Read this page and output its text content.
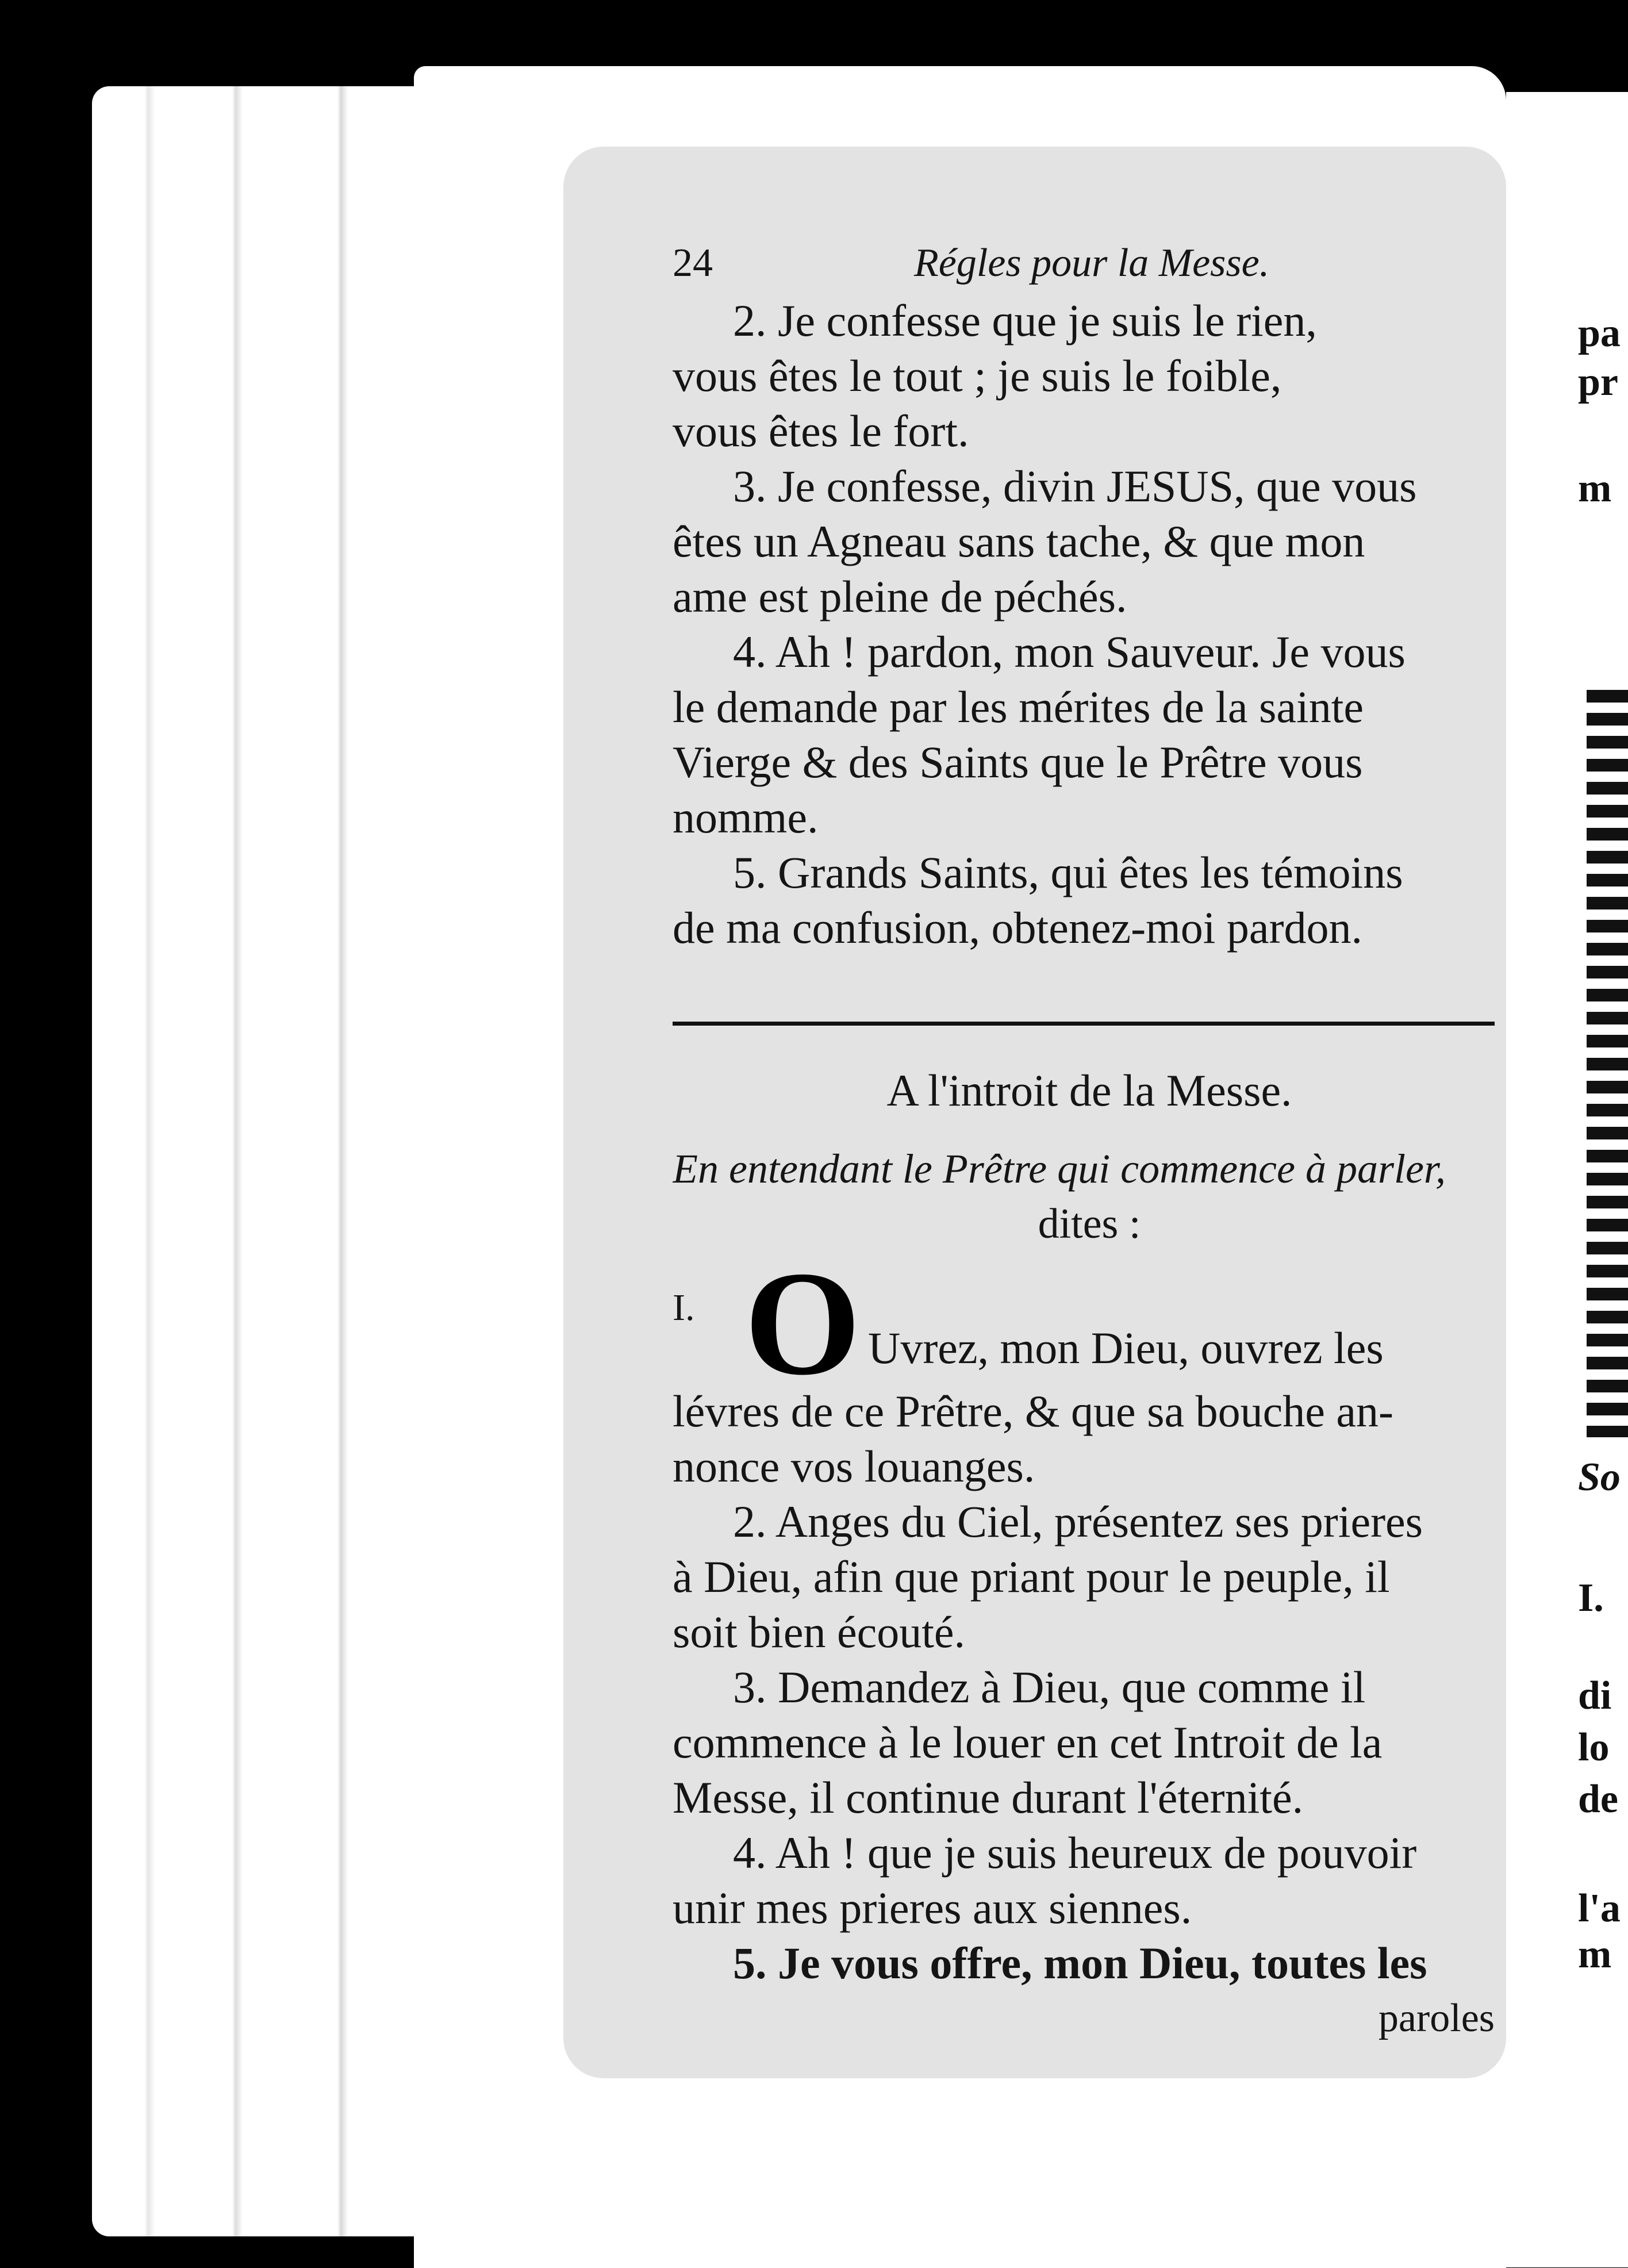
pa
pr
m
So
I.
di
lo
de
l'a
m
24	Régles pour la Messe.
2. Je confesse que je suis le rien,
vous êtes le tout ; je suis le foible,
vous êtes le fort.
3. Je confesse, divin JESUS, que vous
êtes un Agneau sans tache, & que mon
ame est pleine de péchés.
4. Ah ! pardon, mon Sauveur. Je vous
le demande par les mérites de la sainte
Vierge & des Saints que le Prêtre vous
nomme.
5. Grands Saints, qui êtes les témoins
de ma confusion, obtenez-moi pardon.
A l'introit de la Messe.
En entendant le Prêtre qui commence à parler,
dites :
I. O Uvrez, mon Dieu, ouvrez les
lévres de ce Prêtre, & que sa bouche an-
nonce vos louanges.
2. Anges du Ciel, présentez ses prieres
à Dieu, afin que priant pour le peuple, il
soit bien écouté.
3. Demandez à Dieu, que comme il
commence à le louer en cet Introit de la
Messe, il continue durant l'éternité.
4. Ah ! que je suis heureux de pouvoir
unir mes prieres aux siennes.
5. Je vous offre, mon Dieu, toutes les
paroles
